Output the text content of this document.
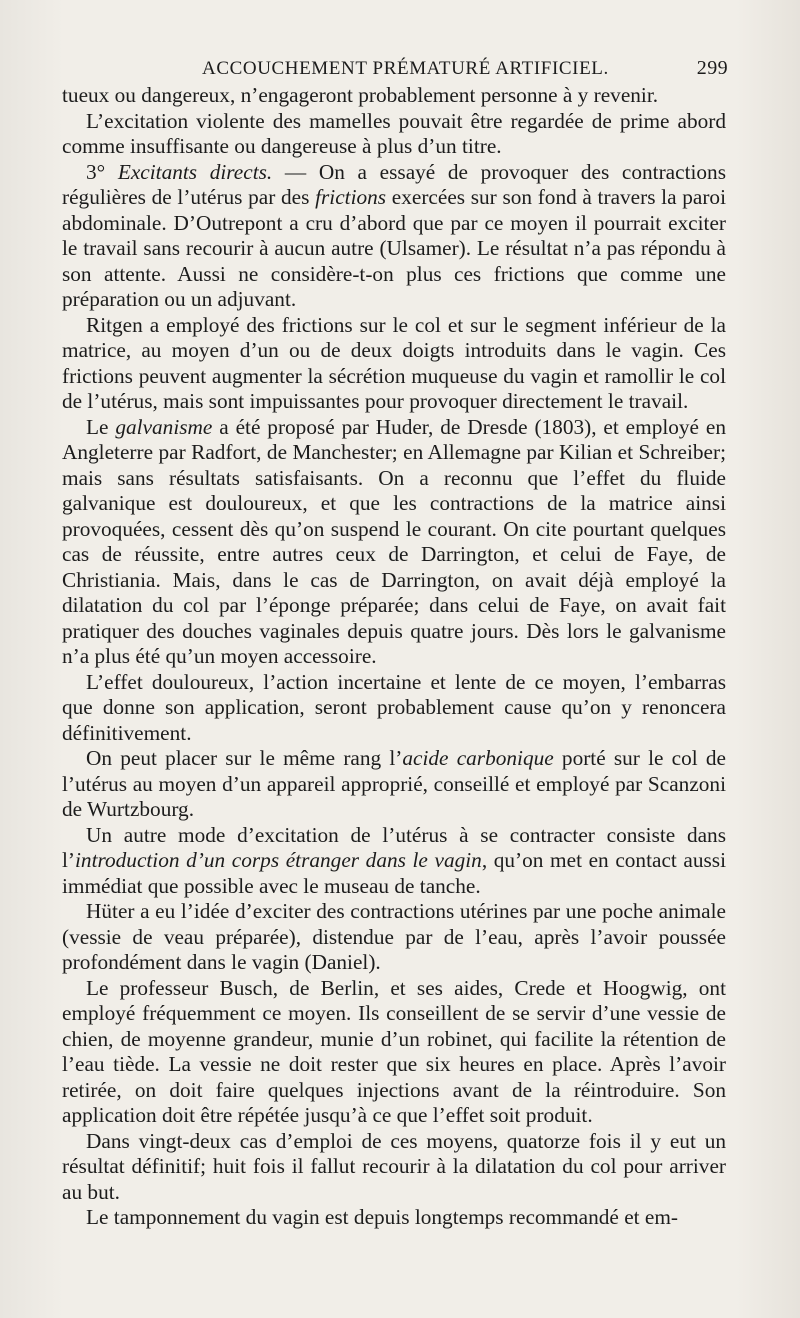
ACCOUCHEMENT PRÉMATURÉ ARTIFICIEL.	299

tueux ou dangereux, n’engageront probablement personne à y revenir.

L’excitation violente des mamelles pouvait être regardée de prime abord comme insuffisante ou dangereuse à plus d’un titre.

3° Excitants directs. — On a essayé de provoquer des contractions régulières de l’utérus par des frictions exercées sur son fond à travers la paroi abdominale. D’Outrepont a cru d’abord que par ce moyen il pourrait exciter le travail sans recourir à aucun autre (Ulsamer). Le résultat n’a pas répondu à son attente. Aussi ne considère-t-on plus ces frictions que comme une préparation ou un adjuvant.

Ritgen a employé des frictions sur le col et sur le segment inférieur de la matrice, au moyen d’un ou de deux doigts introduits dans le vagin. Ces frictions peuvent augmenter la sécrétion muqueuse du vagin et ramollir le col de l’utérus, mais sont impuissantes pour provoquer directement le travail.

Le galvanisme a été proposé par Huder, de Dresde (1803), et employé en Angleterre par Radfort, de Manchester; en Allemagne par Kilian et Schreiber; mais sans résultats satisfaisants. On a reconnu que l’effet du fluide galvanique est douloureux, et que les contractions de la matrice ainsi provoquées, cessent dès qu’on suspend le courant. On cite pourtant quelques cas de réussite, entre autres ceux de Darrington, et celui de Faye, de Christiania. Mais, dans le cas de Darrington, on avait déjà employé la dilatation du col par l’éponge préparée; dans celui de Faye, on avait fait pratiquer des douches vaginales depuis quatre jours. Dès lors le galvanisme n’a plus été qu’un moyen accessoire.

L’effet douloureux, l’action incertaine et lente de ce moyen, l’embarras que donne son application, seront probablement cause qu’on y renoncera définitivement.

On peut placer sur le même rang l’acide carbonique porté sur le col de l’utérus au moyen d’un appareil approprié, conseillé et employé par Scanzoni de Wurtzbourg.

Un autre mode d’excitation de l’utérus à se contracter consiste dans l’introduction d’un corps étranger dans le vagin, qu’on met en contact aussi immédiat que possible avec le museau de tanche.

Hüter a eu l’idée d’exciter des contractions utérines par une poche animale (vessie de veau préparée), distendue par de l’eau, après l’avoir poussée profondément dans le vagin (Daniel).

Le professeur Busch, de Berlin, et ses aides, Crede et Hoogwig, ont employé fréquemment ce moyen. Ils conseillent de se servir d’une vessie de chien, de moyenne grandeur, munie d’un robinet, qui facilite la rétention de l’eau tiède. La vessie ne doit rester que six heures en place. Après l’avoir retirée, on doit faire quelques injections avant de la réintroduire. Son application doit être répétée jusqu’à ce que l’effet soit produit.

Dans vingt-deux cas d’emploi de ces moyens, quatorze fois il y eut un résultat définitif; huit fois il fallut recourir à la dilatation du col pour arriver au but.

Le tamponnement du vagin est depuis longtemps recommandé et em-
